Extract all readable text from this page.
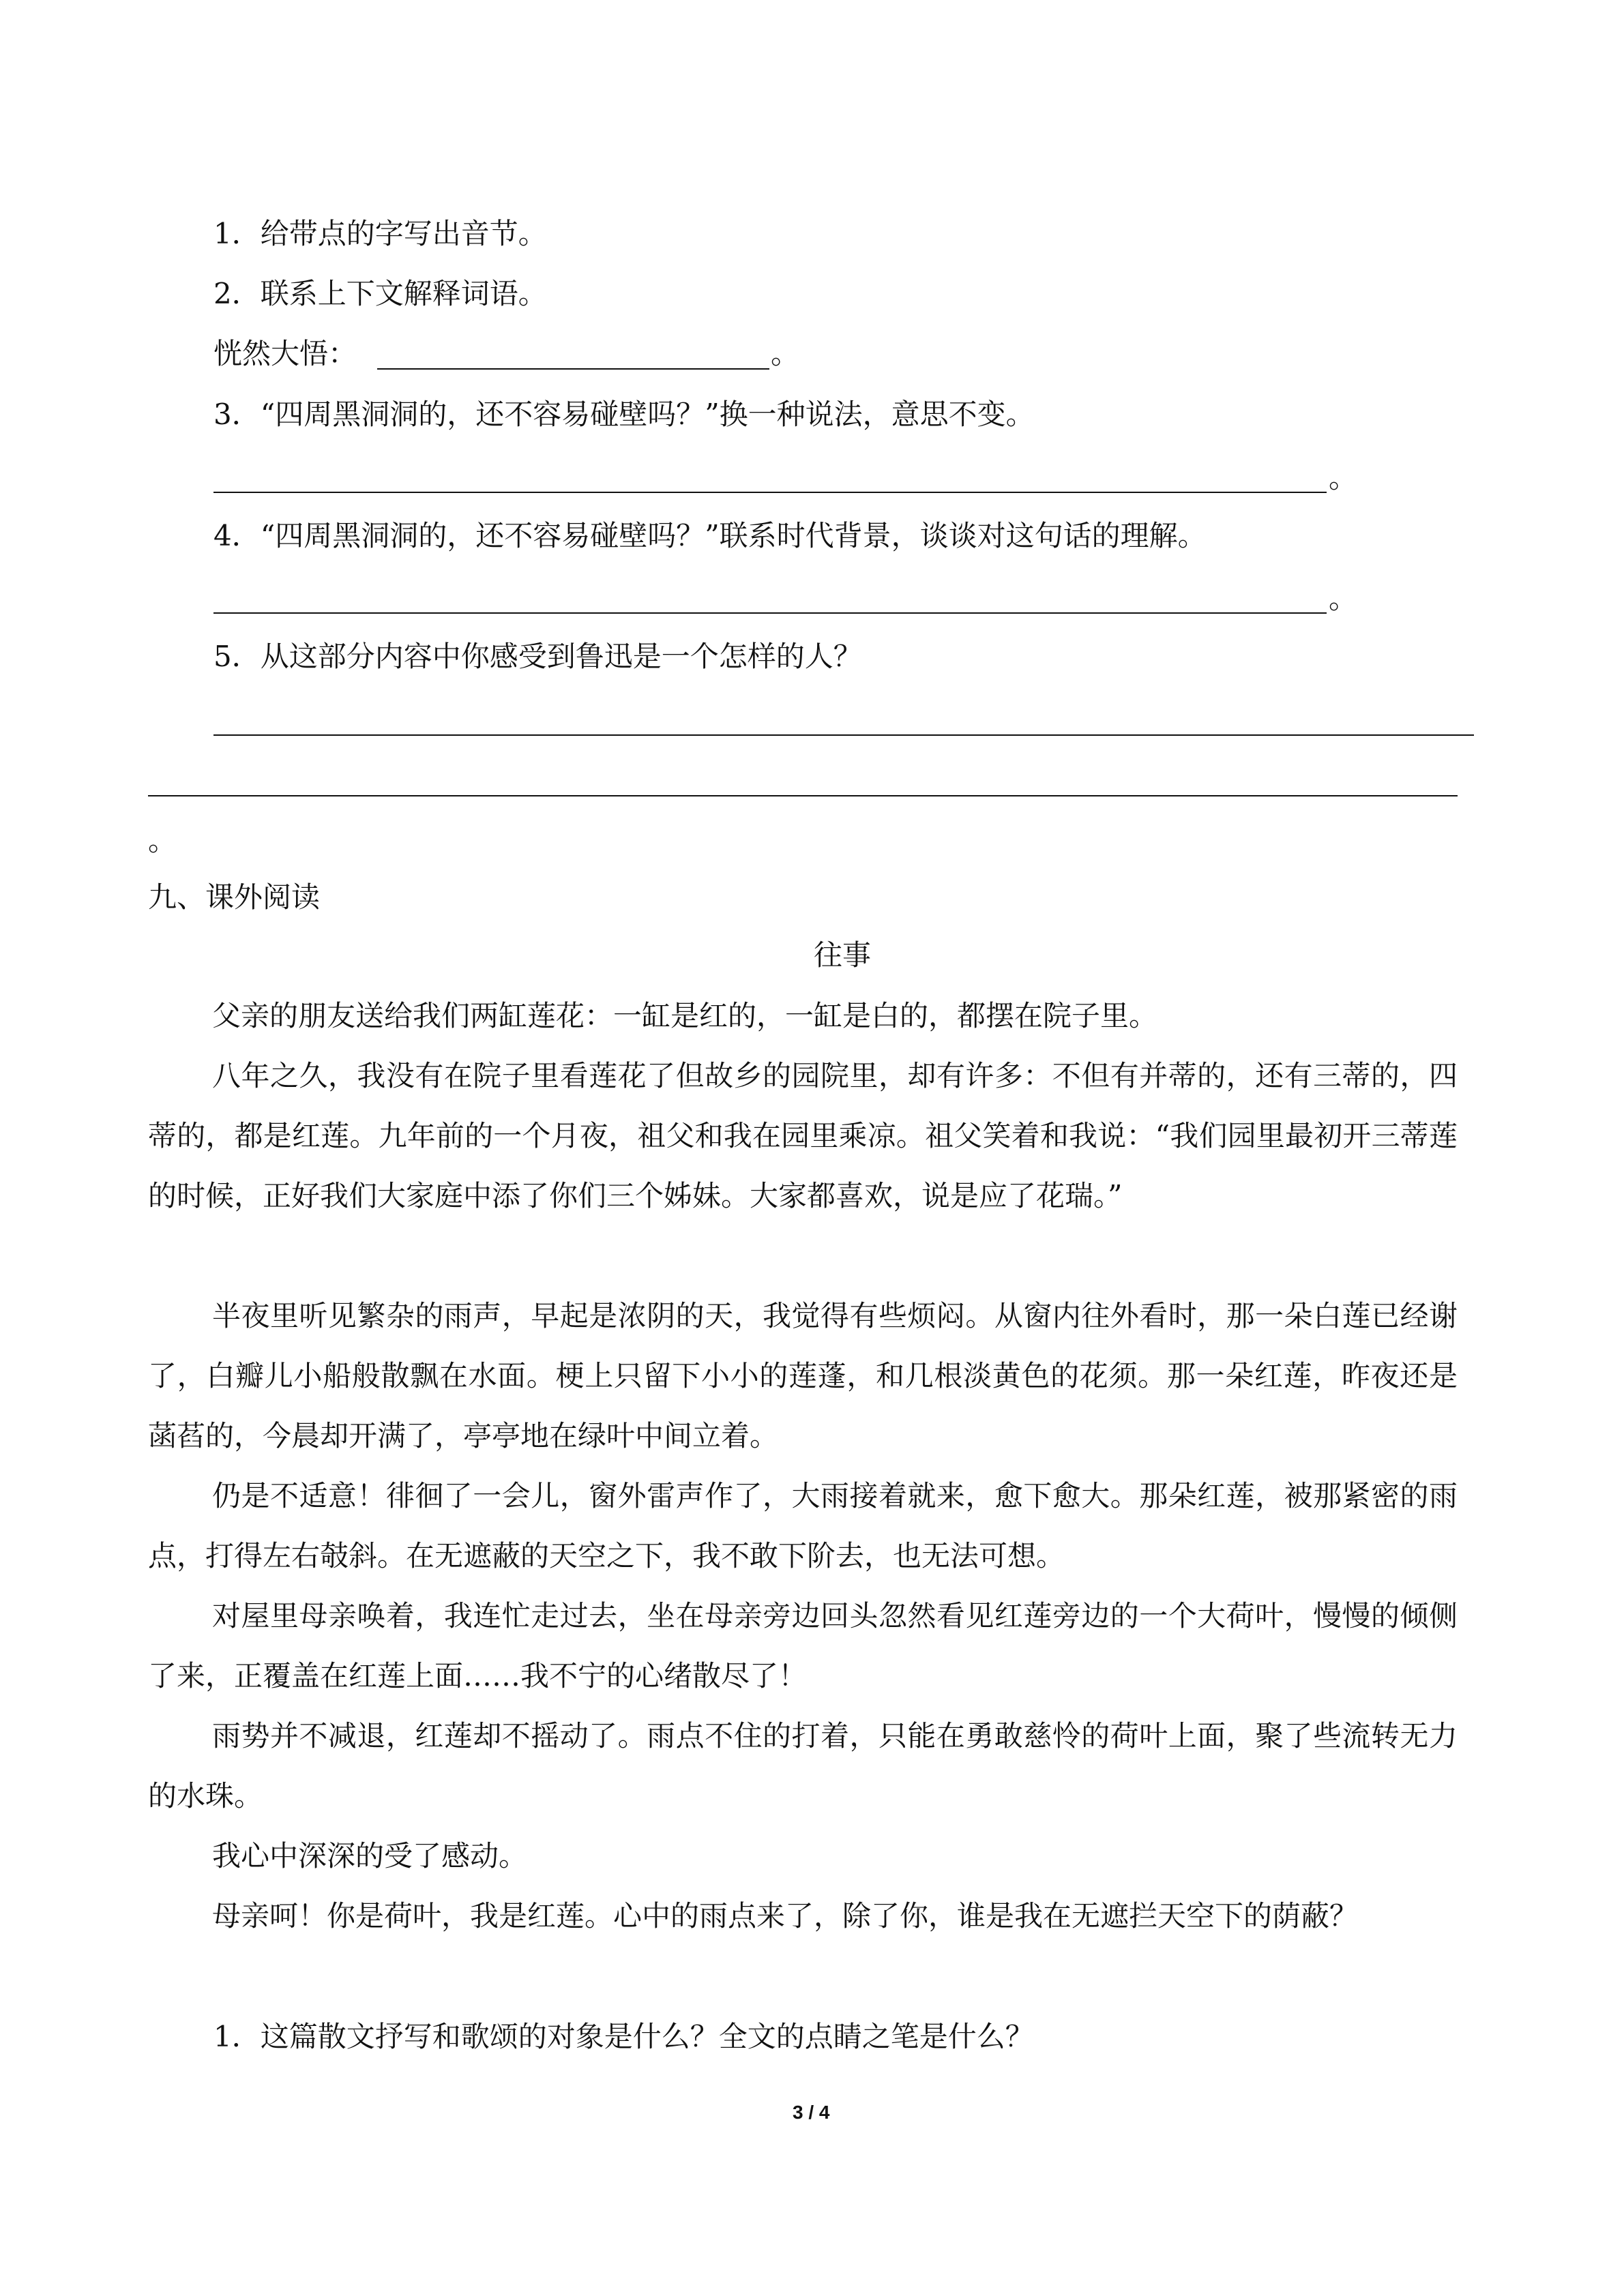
1．给带点的字写出音节。
2．联系上下文解释词语。
恍然大悟：	。
3．“四周黑洞洞的，还不容易碰壁吗？”换一种说法，意思不变。
。
4．“四周黑洞洞的，还不容易碰壁吗？”联系时代背景，谈谈对这句话的理解。
。
5．从这部分内容中你感受到鲁迅是一个怎样的人？
。
九、课外阅读
往事
父亲的朋友送给我们两缸莲花：一缸是红的，一缸是白的，都摆在院子里。
八年之久，我没有在院子里看莲花了但故乡的园院里，却有许多：不但有并蒂的，还有三蒂的，四蒂的，都是红莲。九年前的一个月夜，祖父和我在园里乘凉。祖父笑着和我说：“我们园里最初开三蒂莲的时候，正好我们大家庭中添了你们三个姊妹。大家都喜欢，说是应了花瑞。”
半夜里听见繁杂的雨声，早起是浓阴的天，我觉得有些烦闷。从窗内往外看时，那一朵白莲已经谢了，白瓣儿小船般散飘在水面。梗上只留下小小的莲蓬，和几根淡黄色的花须。那一朵红莲，昨夜还是菡萏的，今晨却开满了，亭亭地在绿叶中间立着。
仍是不适意！徘徊了一会儿，窗外雷声作了，大雨接着就来，愈下愈大。那朵红莲，被那紧密的雨点，打得左右攲斜。在无遮蔽的天空之下，我不敢下阶去，也无法可想。
对屋里母亲唤着，我连忙走过去，坐在母亲旁边回头忽然看见红莲旁边的一个大荷叶，慢慢的倾侧了来，正覆盖在红莲上面……我不宁的心绪散尽了！
雨势并不减退，红莲却不摇动了。雨点不住的打着，只能在勇敢慈怜的荷叶上面，聚了些流转无力的水珠。
我心中深深的受了感动。
母亲呵！你是荷叶，我是红莲。心中的雨点来了，除了你，谁是我在无遮拦天空下的荫蔽？
1．这篇散文抒写和歌颂的对象是什么？全文的点睛之笔是什么？
3 / 4
